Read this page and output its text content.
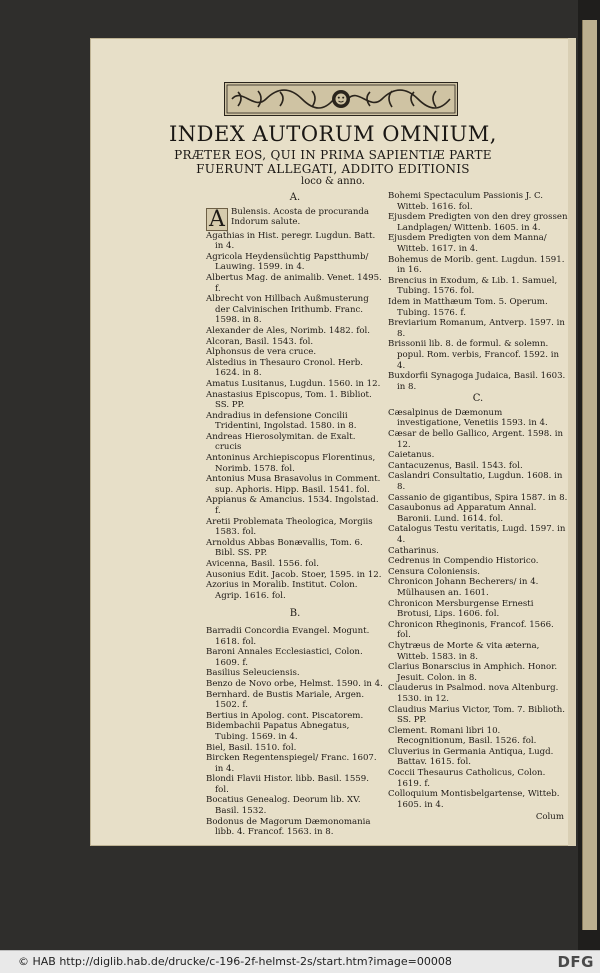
INDEX AUTORUM OMNIUM,
PRÆTER EOS, QUI IN PRIMA SAPIENTIÆ PARTE
FUERUNT ALLEGATI, ADDITO EDITIONIS
loco & anno.
A.
A Bulensis. Acosta de procuranda Indorum salute.

Agathias in Hist. peregr. Lugdun. Batt. in 4.

Agricola Heydensüchtig Papstthumb/ Lauwing. 1599. in 4.

Albertus Mag. de animalib. Venet. 1495. f.

Albrecht von Hillbach Außmusterung der Calvinischen Irithumb. Franc. 1598. in 8.

Alexander de Ales, Norimb. 1482. fol.

Alcoran, Basil. 1543. fol.

Alphonsus de vera cruce.

Alstedius in Thesauro Cronol. Herb. 1624. in 8.

Amatus Lusitanus, Lugdun. 1560. in 12.

Anastasius Episcopus, Tom. 1. Bibliot. SS. PP.

Andradius in defensione Concilii Tridentini, Ingolstad. 1580. in 8.

Andreas Hierosolymitan. de Exalt. crucis

Antoninus Archiepiscopus Florentinus, Norimb. 1578. fol.

Antonius Musa Brasavolus in Comment. sup. Aphoris. Hipp. Basil. 1541. fol.

Appianus & Amancius. 1534. Ingolstad. f.

Aretii Problemata Theologica, Morgiis 1583. fol.

Arnoldus Abbas Bonævallis, Tom. 6. Bibl. SS. PP.

Avicenna, Basil. 1556. fol.

Ausonius Edit. Jacob. Stoer, 1595. in 12.

Azorius in Moralib. Institut. Colon. Agrip. 1616. fol.

B.

Barradii Concordia Evangel. Mogunt. 1618. fol.

Baroni Annales Ecclesiastici, Colon. 1609. f.

Basilius Seleuciensis.

Benzo de Novo orbe, Helmst. 1590. in 4.

Bernhard. de Bustis Mariale, Argen. 1502. f.

Bertius in Apolog. cont. Piscatorem.

Bidembachii Papatus Abnegatus, Tubing. 1569. in 4.

Biel, Basil. 1510. fol.

Bircken Regentenspiegel/ Franc. 1607. in 4.

Blondi Flavii Histor. libb. Basil. 1559. fol.

Bocatius Genealog. Deorum lib. XV. Basil. 1532.

Bodonus de Magorum Dæmonomania libb. 4. Francof. 1563. in 8.

Bohemi Spectaculum Passionis J. C. Witteb. 1616. fol.

Ejusdem Predigten von den drey grossen Landplagen/ Wittenb. 1605. in 4.

Ejusdem Predigten von dem Manna/ Witteb. 1617. in 4.

Bohemus de Morib. gent. Lugdun. 1591. in 16.

Brencius in Exodum, & Lib. 1. Samuel, Tubing. 1576. fol.

Idem in Matthæum Tom. 5. Operum. Tubing. 1576. f.

Breviarium Romanum, Antverp. 1597. in 8.

Brissonii lib. 8. de formul. & solemn. popul. Rom. verbis, Francof. 1592. in 4.

Buxdorfii Synagoga Judaica, Basil. 1603. in 8.

C.

Cæsalpinus de Dæmonum investigatione, Venetiis 1593. in 4.

Cæsar de bello Gallico, Argent. 1598. in 12.

Caietanus.

Cantacuzenus, Basil. 1543. fol.

Caslandri Consultatio, Lugdun. 1608. in 8.

Cassanio de gigantibus, Spira 1587. in 8.

Casaubonus ad Apparatum Annal. Baronii. Lund. 1614. fol.

Catalogus Testu veritatis, Lugd. 1597. in 4.

Catharinus.

Cedrenus in Compendio Historico.

Censura Coloniensis.

Chronicon Johann Becherers/ in 4. Mülhausen an. 1601.

Chronicon Mersburgense Ernesti Brotusi, Lips. 1606. fol.

Chronicon Rheginonis, Francof. 1566. fol.

Chytræus de Morte & vita æterna, Witteb. 1583. in 8.

Clarius Bonarscius in Amphich. Honor. Jesuit. Colon. in 8.

Clauderus in Psalmod. nova Altenburg. 1530. in 12.

Claudius Marius Victor, Tom. 7. Biblioth. SS. PP.

Clement. Romani libri 10. Recognitionum, Basil. 1526. fol.

Cluverius in Germania Antiqua, Lugd. Battav. 1615. fol.

Coccii Thesaurus Catholicus, Colon. 1619. f.

Colloquium Montisbelgartense, Witteb. 1605. in 4.

Colum
© HAB http://diglib.hab.de/drucke/c-196-2f-helmst-2s/start.htm?image=00008	DFG
